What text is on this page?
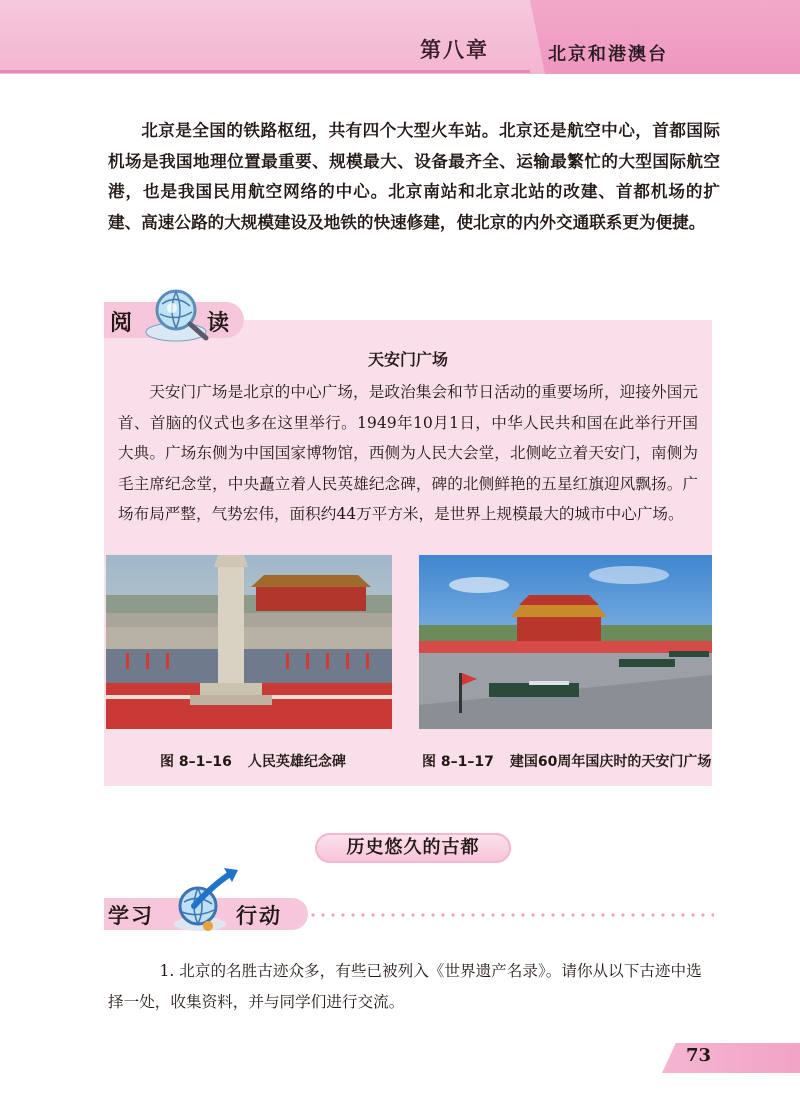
第八章	北京和港澳台

北京是全国的铁路枢纽，共有四个大型火车站。北京还是航空中心，首都国际机场是我国地理位置最重要、规模最大、设备最齐全、运输最繁忙的大型国际航空港，也是我国民用航空网络的中心。北京南站和北京北站的改建、首都机场的扩建、高速公路的大规模建设及地铁的快速修建，使北京的内外交通联系更为便捷。

阅	读
天安门广场

天安门广场是北京的中心广场，是政治集会和节日活动的重要场所，迎接外国元首、首脑的仪式也多在这里举行。1949年10月1日，中华人民共和国在此举行开国大典。广场东侧为中国国家博物馆，西侧为人民大会堂，北侧屹立着天安门，南侧为毛主席纪念堂，中央矗立着人民英雄纪念碑，碑的北侧鲜艳的五星红旗迎风飘扬。广场布局严整，气势宏伟，面积约44万平方米，是世界上规模最大的城市中心广场。

图 8–1–16 人民英雄纪念碑	图 8–1–17 建国60周年国庆时的天安门广场
历史悠久的古都
学习	行动

1. 北京的名胜古迹众多，有些已被列入《世界遗产名录》。请你从以下古迹中选择一处，收集资料，并与同学们进行交流。

73
